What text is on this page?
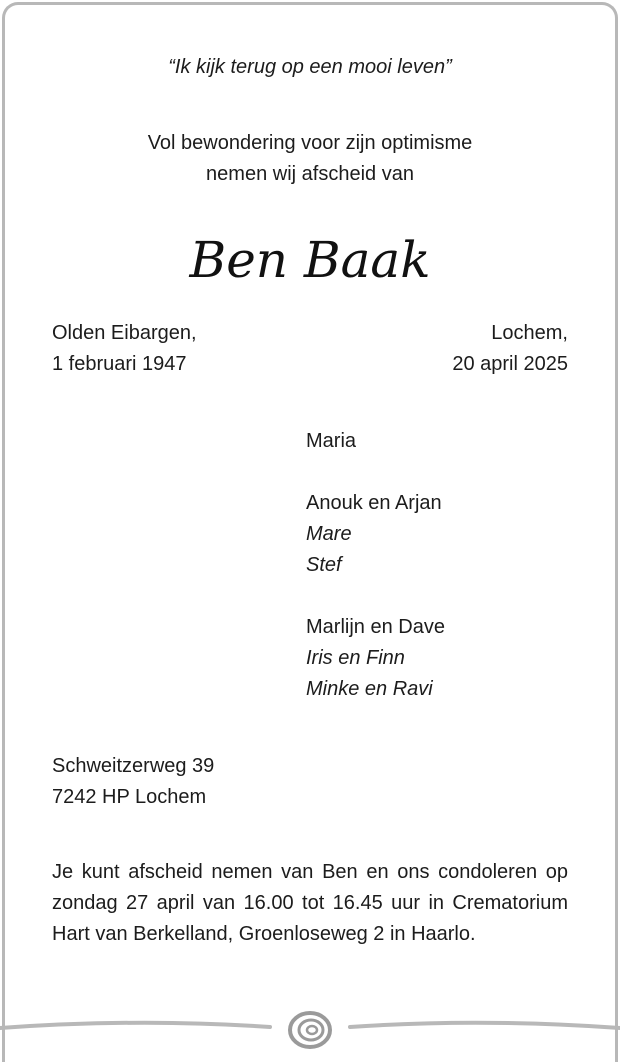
“Ik kijk terug op een mooi leven”

Vol bewondering voor zijn optimisme
nemen wij afscheid van

Ben Baak

Olden Eibargen,
1 februari 1947

Lochem,
20 april 2025

Maria

Anouk en Arjan
Mare
Stef

Marlijn en Dave
Iris en Finn
Minke en Ravi

Schweitzerweg 39
7242 HP Lochem

Je kunt afscheid nemen van Ben en ons condoleren op zondag 27 april van 16.00 tot 16.45 uur in Crematorium Hart van Berkelland, Groenloseweg 2 in Haarlo.
